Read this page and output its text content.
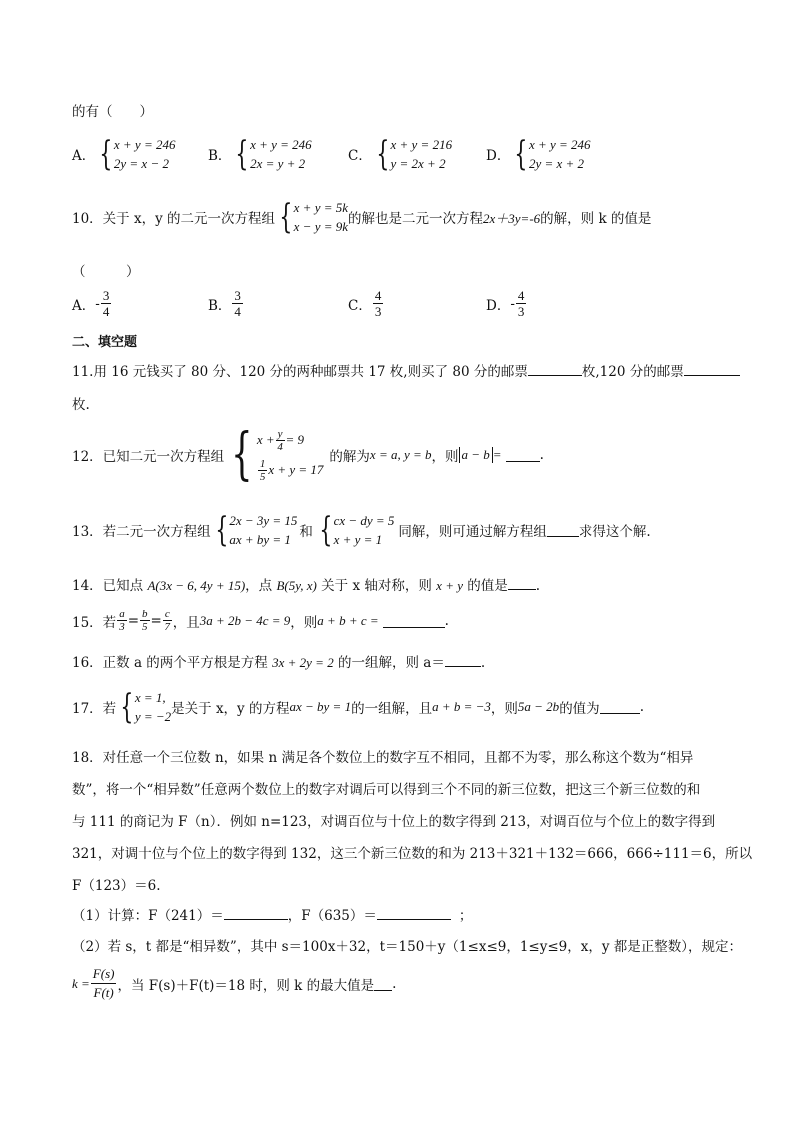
的有（　　）
A． { x + y = 246
2y = x − 2	B． { x + y = 246
2x = y + 2	C． { x + y = 216
y = 2x + 2	D． { x + y = 246
2y = x + 2
10．关于 x，y 的二元一次方程组 { x + y = 5k
x − y = 9k 的解也是二元一次方程 2x＋3y=-6 的解，则 k 的值是
（　　　）
A． - $\frac{3}{4}$	B． $\frac{3}{4}$	C． $\frac{4}{3}$	D． - $\frac{4}{3}$
二、填空题
11.用 16 元钱买了 80 分、120 分的两种邮票共 17 枚,则买了 80 分的邮票	枚,120 分的邮票
枚.
12．已知二元一次方程组 { $x + \frac{y}{4} = 9$
$\frac{1}{5}$ x + y = 17
的解为 x = a, y = b ，则 a − b =	.
13．若二元一次方程组 { 2x − 3y = 15
ax + by = 1 和 { cx − dy = 5
x + y = 1	同解，则可通过解方程组 求得这个解.
14．已知点 A(3x − 6, 4y + 15)，点 B(5y, x) 关于 x 轴对称，则 x + y 的值是 .
15．若 $\frac{a}{3} = \frac{b}{5} = \frac{c}{7}$ ，且 3a + 2b − 4c = 9 ，则 a + b + c =	.
16．正数 a 的两个平方根是方程 3x + 2y = 2 的一组解，则 a＝	.
17．若 { x = 1,
y = −2 是关于 x，y 的方程 ax − by = 1 的一组解，且 a + b = −3 ，则 5a − 2b 的值为	.
18．对任意一个三位数 n，如果 n 满足各个数位上的数字互不相同，且都不为零，那么称这个数为“相异
数”，将一个“相异数”任意两个数位上的数字对调后可以得到三个不同的新三位数，把这三个新三位数的和
与 111 的商记为 F（n）．例如 n=123，对调百位与十位上的数字得到 213，对调百位与个位上的数字得到
321，对调十位与个位上的数字得到 132，这三个新三位数的和为 213＋321＋132＝666，666÷111＝6，所以
F（123）＝6.
（1）计算：F（241）＝	，F（635）＝	；
（2）若 s，t 都是“相异数”，其中 s＝100x＋32，t＝150＋y（1≤x≤9，1≤y≤9，x，y 都是正整数），规定：
$k = \frac{F(s)}{F(t)}$ ，当 F(s)＋F(t)＝18 时，则 k 的最大值是 .
